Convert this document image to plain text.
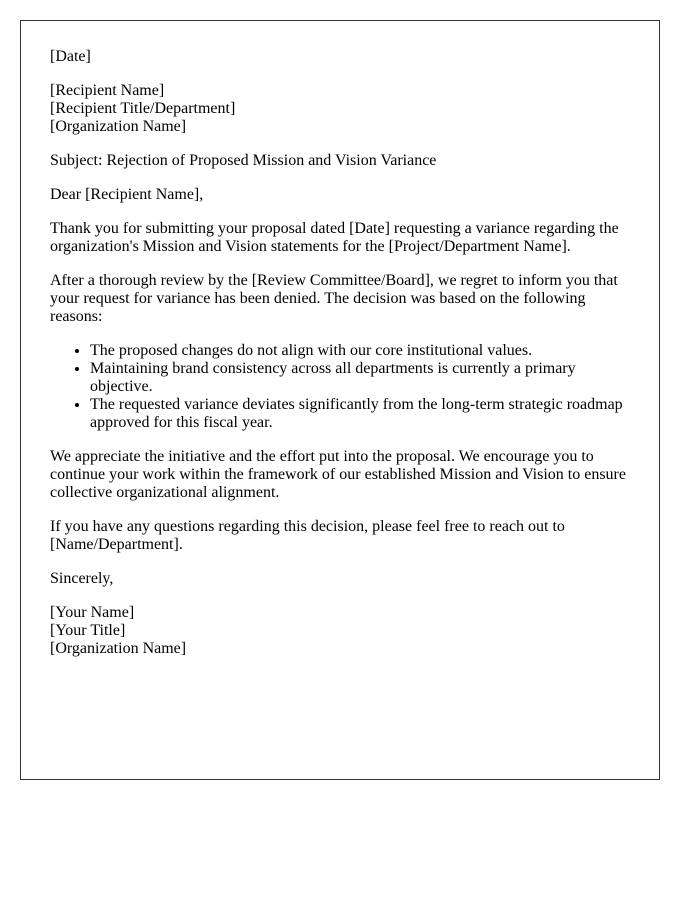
[Date]

[Recipient Name]
[Recipient Title/Department]
[Organization Name]

Subject: Rejection of Proposed Mission and Vision Variance

Dear [Recipient Name],

Thank you for submitting your proposal dated [Date] requesting a variance regarding the organization's Mission and Vision statements for the [Project/Department Name].

After a thorough review by the [Review Committee/Board], we regret to inform you that your request for variance has been denied. The decision was based on the following reasons:

• The proposed changes do not align with our core institutional values.
• Maintaining brand consistency across all departments is currently a primary objective.
• The requested variance deviates significantly from the long-term strategic roadmap approved for this fiscal year.

We appreciate the initiative and the effort put into the proposal. We encourage you to continue your work within the framework of our established Mission and Vision to ensure collective organizational alignment.

If you have any questions regarding this decision, please feel free to reach out to [Name/Department].

Sincerely,

[Your Name]
[Your Title]
[Organization Name]
